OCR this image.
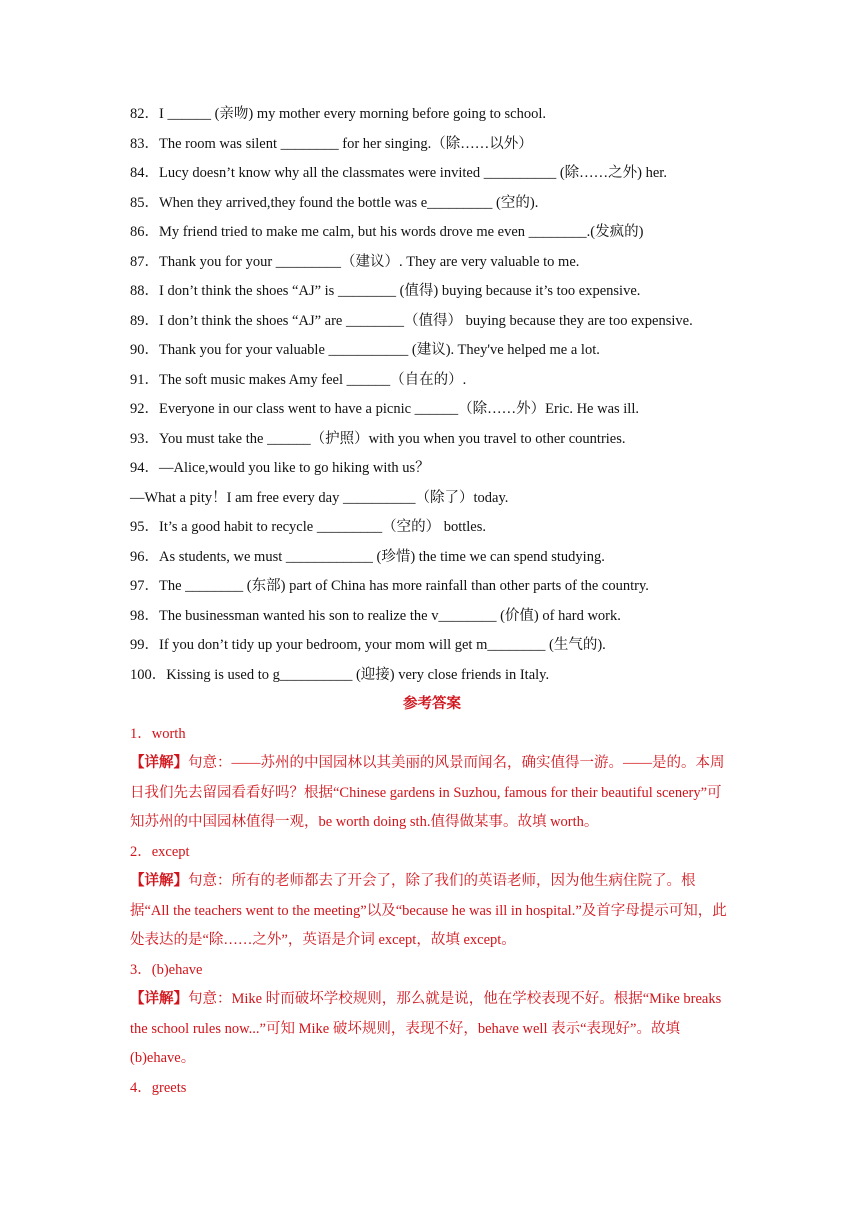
82．I ______ (亲吻) my mother every morning before going to school.
83．The room was silent ________ for her singing.（除……以外）
84．Lucy doesn’t know why all the classmates were invited __________ (除……之外) her.
85．When they arrived,they found the bottle was e_________ (空的).
86．My friend tried to make me calm, but his words drove me even ________.(发疯的)
87．Thank you for your _________（建议）. They are very valuable to me.
88．I don’t think the shoes “AJ” is ________ (值得) buying because it’s too expensive.
89．I don’t think the shoes “AJ” are ________（值得） buying because they are too expensive.
90．Thank you for your valuable ___________ (建议). They've helped me a lot.
91．The soft music makes Amy feel ______（自在的）.
92．Everyone in our class went to have a picnic ______（除……外）Eric. He was ill.
93．You must take the ______（护照）with you when you travel to other countries.
94．—Alice,would you like to go hiking with us？
—What a pity！I am free every day __________（除了）today.
95．It’s a good habit to recycle _________（空的） bottles.
96．As students, we must ____________ (珍惜) the time we can spend studying.
97．The ________ (东部) part of China has more rainfall than other parts of the country.
98．The businessman wanted his son to realize the v________ (价值) of hard work.
99．If you don’t tidy up your bedroom, your mom will get m________ (生气的).
100．Kissing is used to g__________ (迎接) very close friends in Italy.
参考答案
1．worth
【详解】句意：——苏州的中国园林以其美丽的风景而闻名，确实值得一游。——是的。本周日我们先去留园看看好吗？根据“Chinese gardens in Suzhou, famous for their beautiful scenery”可知苏州的中国园林值得一观，be worth doing sth.值得做某事。故填 worth。
2．except
【详解】句意：所有的老师都去了开会了，除了我们的英语老师，因为他生病住院了。根据“All the teachers went to the meeting”以及“because he was ill in hospital.”及首字母提示可知，此处表达的是“除……之外”，英语是介词 except，故填 except。
3．(b)ehave
【详解】句意：Mike 时而破坏学校规则，那么就是说，他在学校表现不好。根据“Mike breaks the school rules now...”可知 Mike 破坏规则，表现不好，behave well 表示“表现好”。故填(b)ehave。
4．greets
